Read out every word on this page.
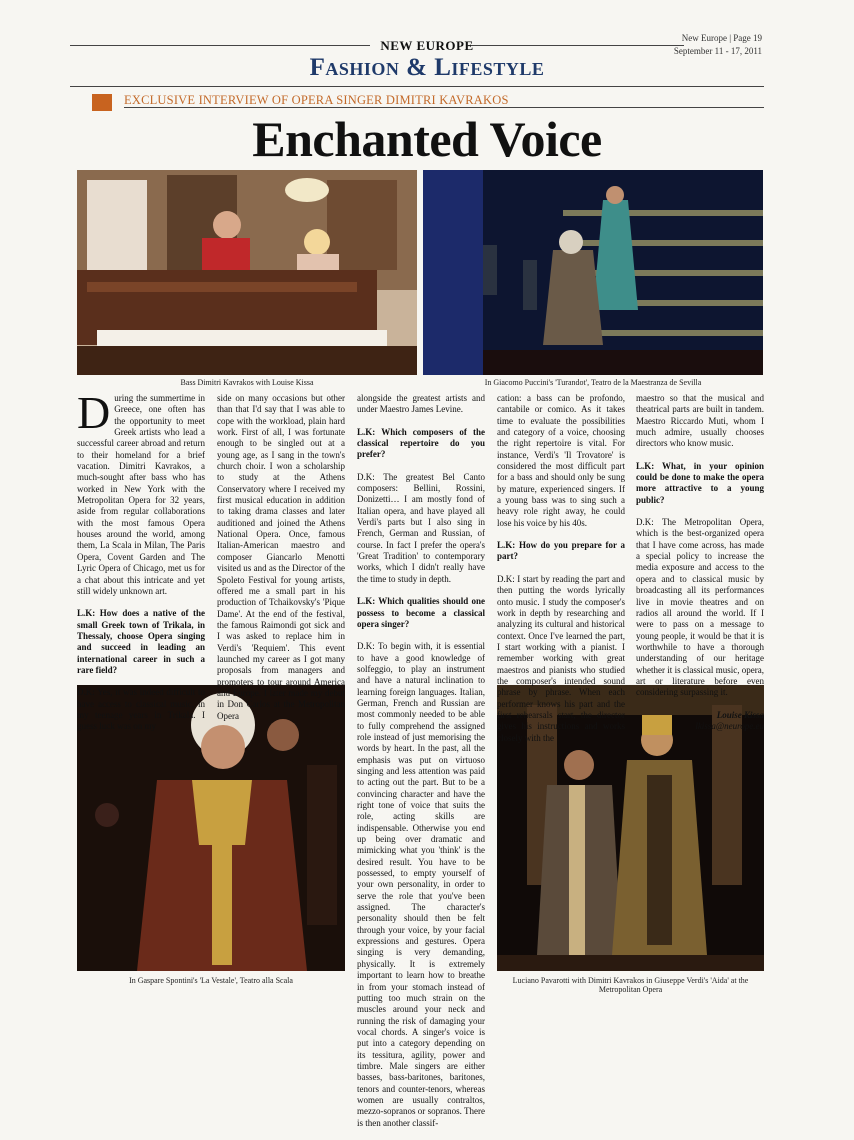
NEW EUROPE
Fashion & Lifestyle
New Europe | Page 19
September 11 - 17, 2011
EXCLUSIVE INTERVIEW OF OPERA SINGER DIMITRI KAVRAKOS
Enchanted Voice
Bass Dimitri Kavrakos with Louise Kissa	In Giacomo Puccini's 'Turandot', Teatro de la Maestranza de Sevilla
In Gaspare Spontini's 'La Vestale', Teatro alla Scala	Luciano Pavarotti with Dimitri Kavrakos in Giuseppe Verdi's 'Aida' at the Metropolitan Opera

During the summertime in Greece, one often has the opportunity to meet Greek artists who lead a successful career abroad and return to their homeland for a brief vacation. Dimitri Kavrakos, a much-sought after bass who has worked in New York with the Metropolitan Opera for 32 years, aside from regular collaborations with the most famous Opera houses around the world, among them, La Scala in Milan, The Paris Opera, Covent Garden and The Lyric Opera of Chicago, met us for a chat about this intricate and yet still widely unknown art.

L.K: How does a native of the small Greek town of Trikala, in Thessaly, choose Opera singing and succeed in leading an international career in such a rare field?

D.K: Yes, it was indeed difficult to have access to classical music, in my teenage years in Trikala. I guess luck was on my

side on many occasions but other than that I'd say that I was able to cope with the workload, plain hard work. First of all, I was fortunate enough to be singled out at a young age, as I sang in the town's church choir. I won a scholarship to study at the Athens Conservatory where I received my first musical education in addition to taking drama classes and later auditioned and joined the Athens National Opera. Once, famous Italian-American maestro and composer Giancarlo Menotti visited us and as the Director of the Spoleto Festival for young artists, offered me a small part in his production of Tchaikovsky's 'Pique Dame'. At the end of the festival, the famous Raimondi got sick and I was asked to replace him in Verdi's 'Requiem'. This event launched my career as I got many proposals from managers and promoters to tour around America and Europe. I later made my debut in Don Carlos at the Metropolitan Opera

alongside the greatest artists and under Maestro James Levine.

L.K: Which composers of the classical repertoire do you prefer?

D.K: The greatest Bel Canto composers: Bellini, Rossini, Donizetti… I am mostly fond of Italian opera, and have played all Verdi's parts but I also sing in French, German and Russian, of course. In fact I prefer the opera's 'Great Tradition' to contemporary works, which I didn't really have the time to study in depth.

L.K: Which qualities should one possess to become a classical opera singer?

D.K: To begin with, it is essential to have a good knowledge of solfeggio, to play an instrument and have a natural inclination to learning foreign languages. Italian, German, French and Russian are most commonly needed to be able to fully comprehend the assigned role instead of just memorising the words by heart. In the past, all the emphasis was put on virtuoso singing and less attention was paid to acting out the part. But to be a convincing character and have the right tone of voice that suits the role, acting skills are indispensable. Otherwise you end up being over dramatic and mimicking what you 'think' is the desired result. You have to be possessed, to empty yourself of your own personality, in order to serve the role that you've been assigned. The character's personality should then be felt through your voice, by your facial expressions and gestures. Opera singing is very demanding, physically. It is extremely important to learn how to breathe in from your stomach instead of putting too much strain on the muscles around your neck and running the risk of damaging your vocal chords. A singer's voice is put into a category depending on its tessitura, agility, power and timbre. Male singers are either basses, bass-baritones, baritones, tenors and counter-tenors, whereas women are usually contraltos, mezzo-sopranos or sopranos. There is then another classif-

cation: a bass can be profondo, cantabile or comico. As it takes time to evaluate the possibilities and category of a voice, choosing the right repertoire is vital. For instance, Verdi's 'Il Trovatore' is considered the most difficult part for a bass and should only be sung by mature, experienced singers. If a young bass was to sing such a heavy role right away, he could lose his voice by his 40s.

L.K: How do you prepare for a part?

D.K: I start by reading the part and then putting the words lyrically onto music. I study the composer's work in depth by researching and analyzing its cultural and historical context. Once I've learned the part, I start working with a pianist. I remember working with great maestros and pianists who studied the composer's intended sound phrase by phrase. When each performer knows his part and the first rehearsals start, the director gives his instructions and works closely with the

maestro so that the musical and theatrical parts are built in tandem. Maestro Riccardo Muti, whom I much admire, usually chooses directors who know music.

L.K: What, in your opinion could be done to make the opera more attractive to a young public?

D.K: The Metropolitan Opera, which is the best-organized opera that I have come across, has made a special policy to increase the media exposure and access to the opera and to classical music by broadcasting all its performances live in movie theatres and on radios all around the world. If I were to pass on a message to young people, it would be that it is worthwhile to have a thorough understanding of our heritage whether it is classical music, opera, art or literature before even considering surpassing it.

Louise Kissa
lkissa@neurope.eu
